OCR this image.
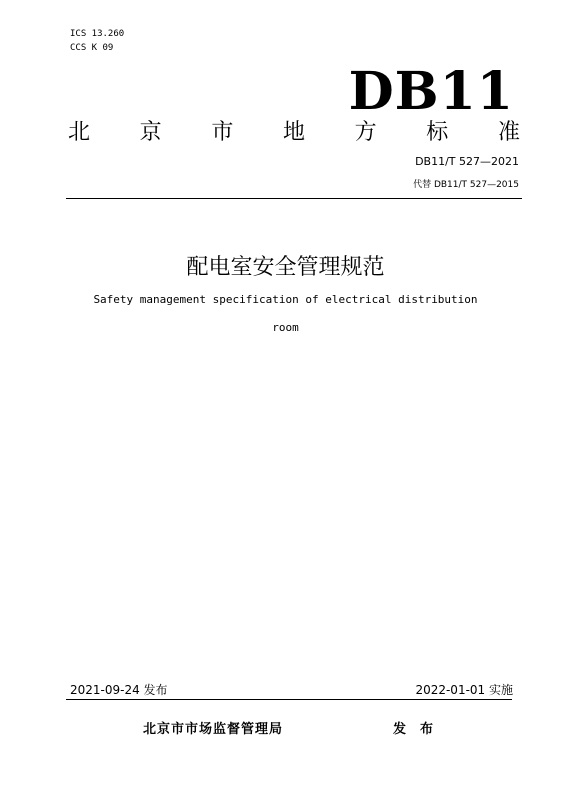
ICS 13.260
CCS K 09
DB11
北 京 市 地 方 标 准
DB11/T 527—2021
代替 DB11/T 527—2015
配电室安全管理规范
Safety management specification of electrical distribution
room
2021-09-24 发布	2022-01-01 实施
北京市市场监督管理局	发布
